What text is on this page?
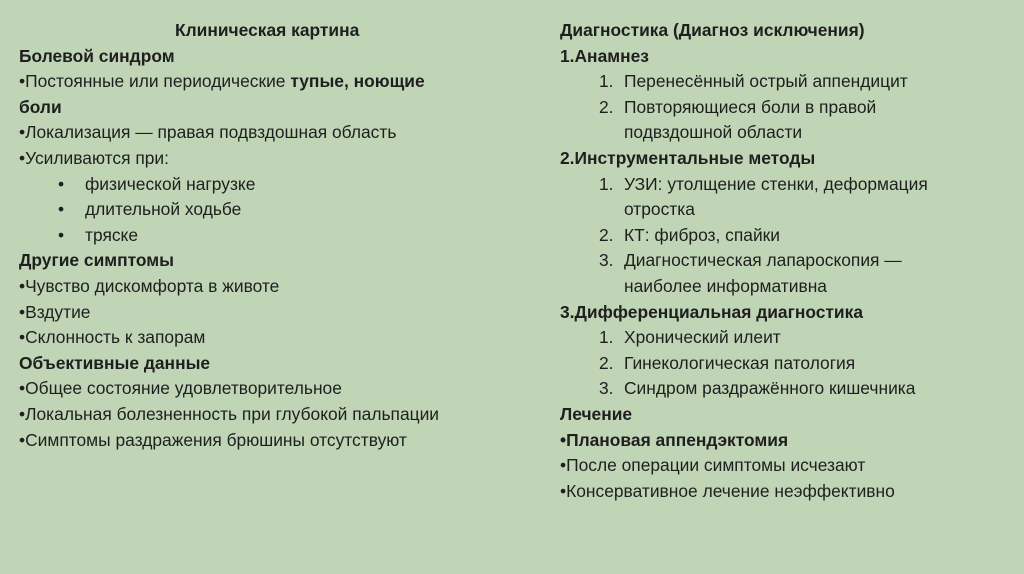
Клиническая картина
Болевой синдром
•Постоянные или периодические тупые, ноющие
боли
•Локализация — правая подвздошная область
•Усиливаются при:
• физической нагрузке
• длительной ходьбе
• тряске
Другие симптомы
•Чувство дискомфорта в животе
•Вздутие
•Склонность к запорам
Объективные данные
•Общее состояние удовлетворительное
•Локальная болезненность при глубокой пальпации
•Симптомы раздражения брюшины отсутствуют
Диагностика (Диагноз исключения)
1.Анамнез
1. Перенесённый острый аппендицит
2. Повторяющиеся боли в правой
подвздошной области
2.Инструментальные методы
1. УЗИ: утолщение стенки, деформация
отростка
2. КТ: фиброз, спайки
3. Диагностическая лапароскопия —
наиболее информативна
3.Дифференциальная диагностика
1. Хронический илеит
2. Гинекологическая патология
3. Синдром раздражённого кишечника
Лечение
•Плановая аппендэктомия
•После операции симптомы исчезают
•Консервативное лечение неэффективно
